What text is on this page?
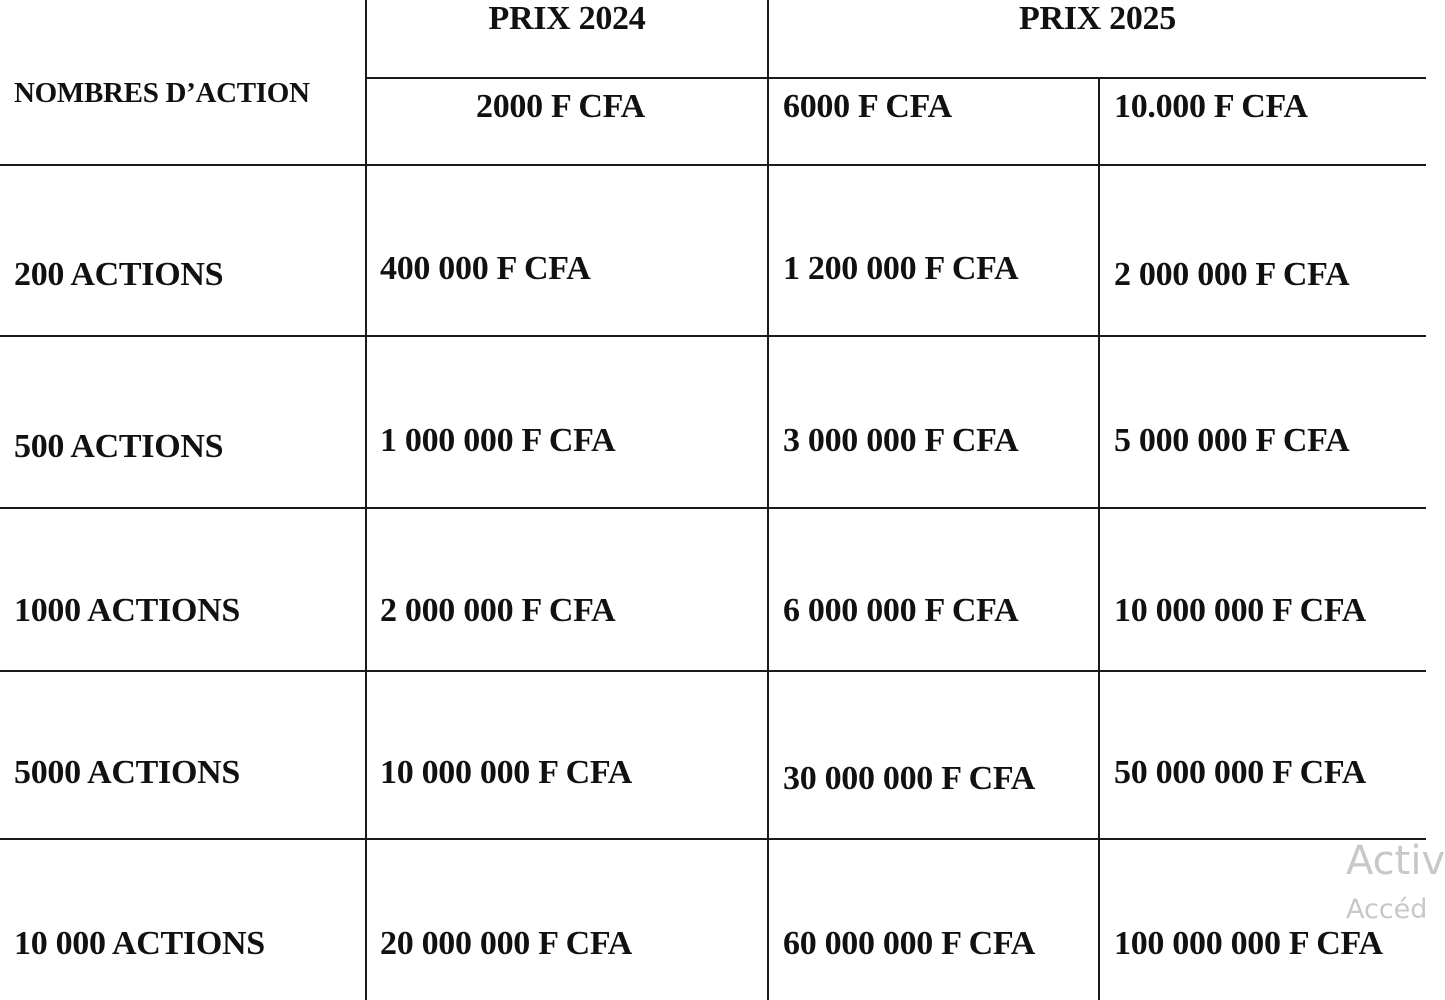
NOMBRES D’ACTION
PRIX 2024	PRIX 2025
2000 F CFA	6000 F CFA	10.000 F CFA
200 ACTIONS	400 000 F CFA	1 200 000 F CFA	2 000 000 F CFA
500 ACTIONS	1 000 000 F CFA	3 000 000 F CFA	5 000 000 F CFA
1000 ACTIONS	2 000 000 F CFA	6 000 000 F CFA	10 000 000 F CFA
5000 ACTIONS	10 000 000 F CFA	30 000 000 F CFA 50 000 000 F CFA
10 000 ACTIONS	20 000 000 F CFA	60 000 000 F CFA 100 000 000 F CFA
Activ
Accéd
